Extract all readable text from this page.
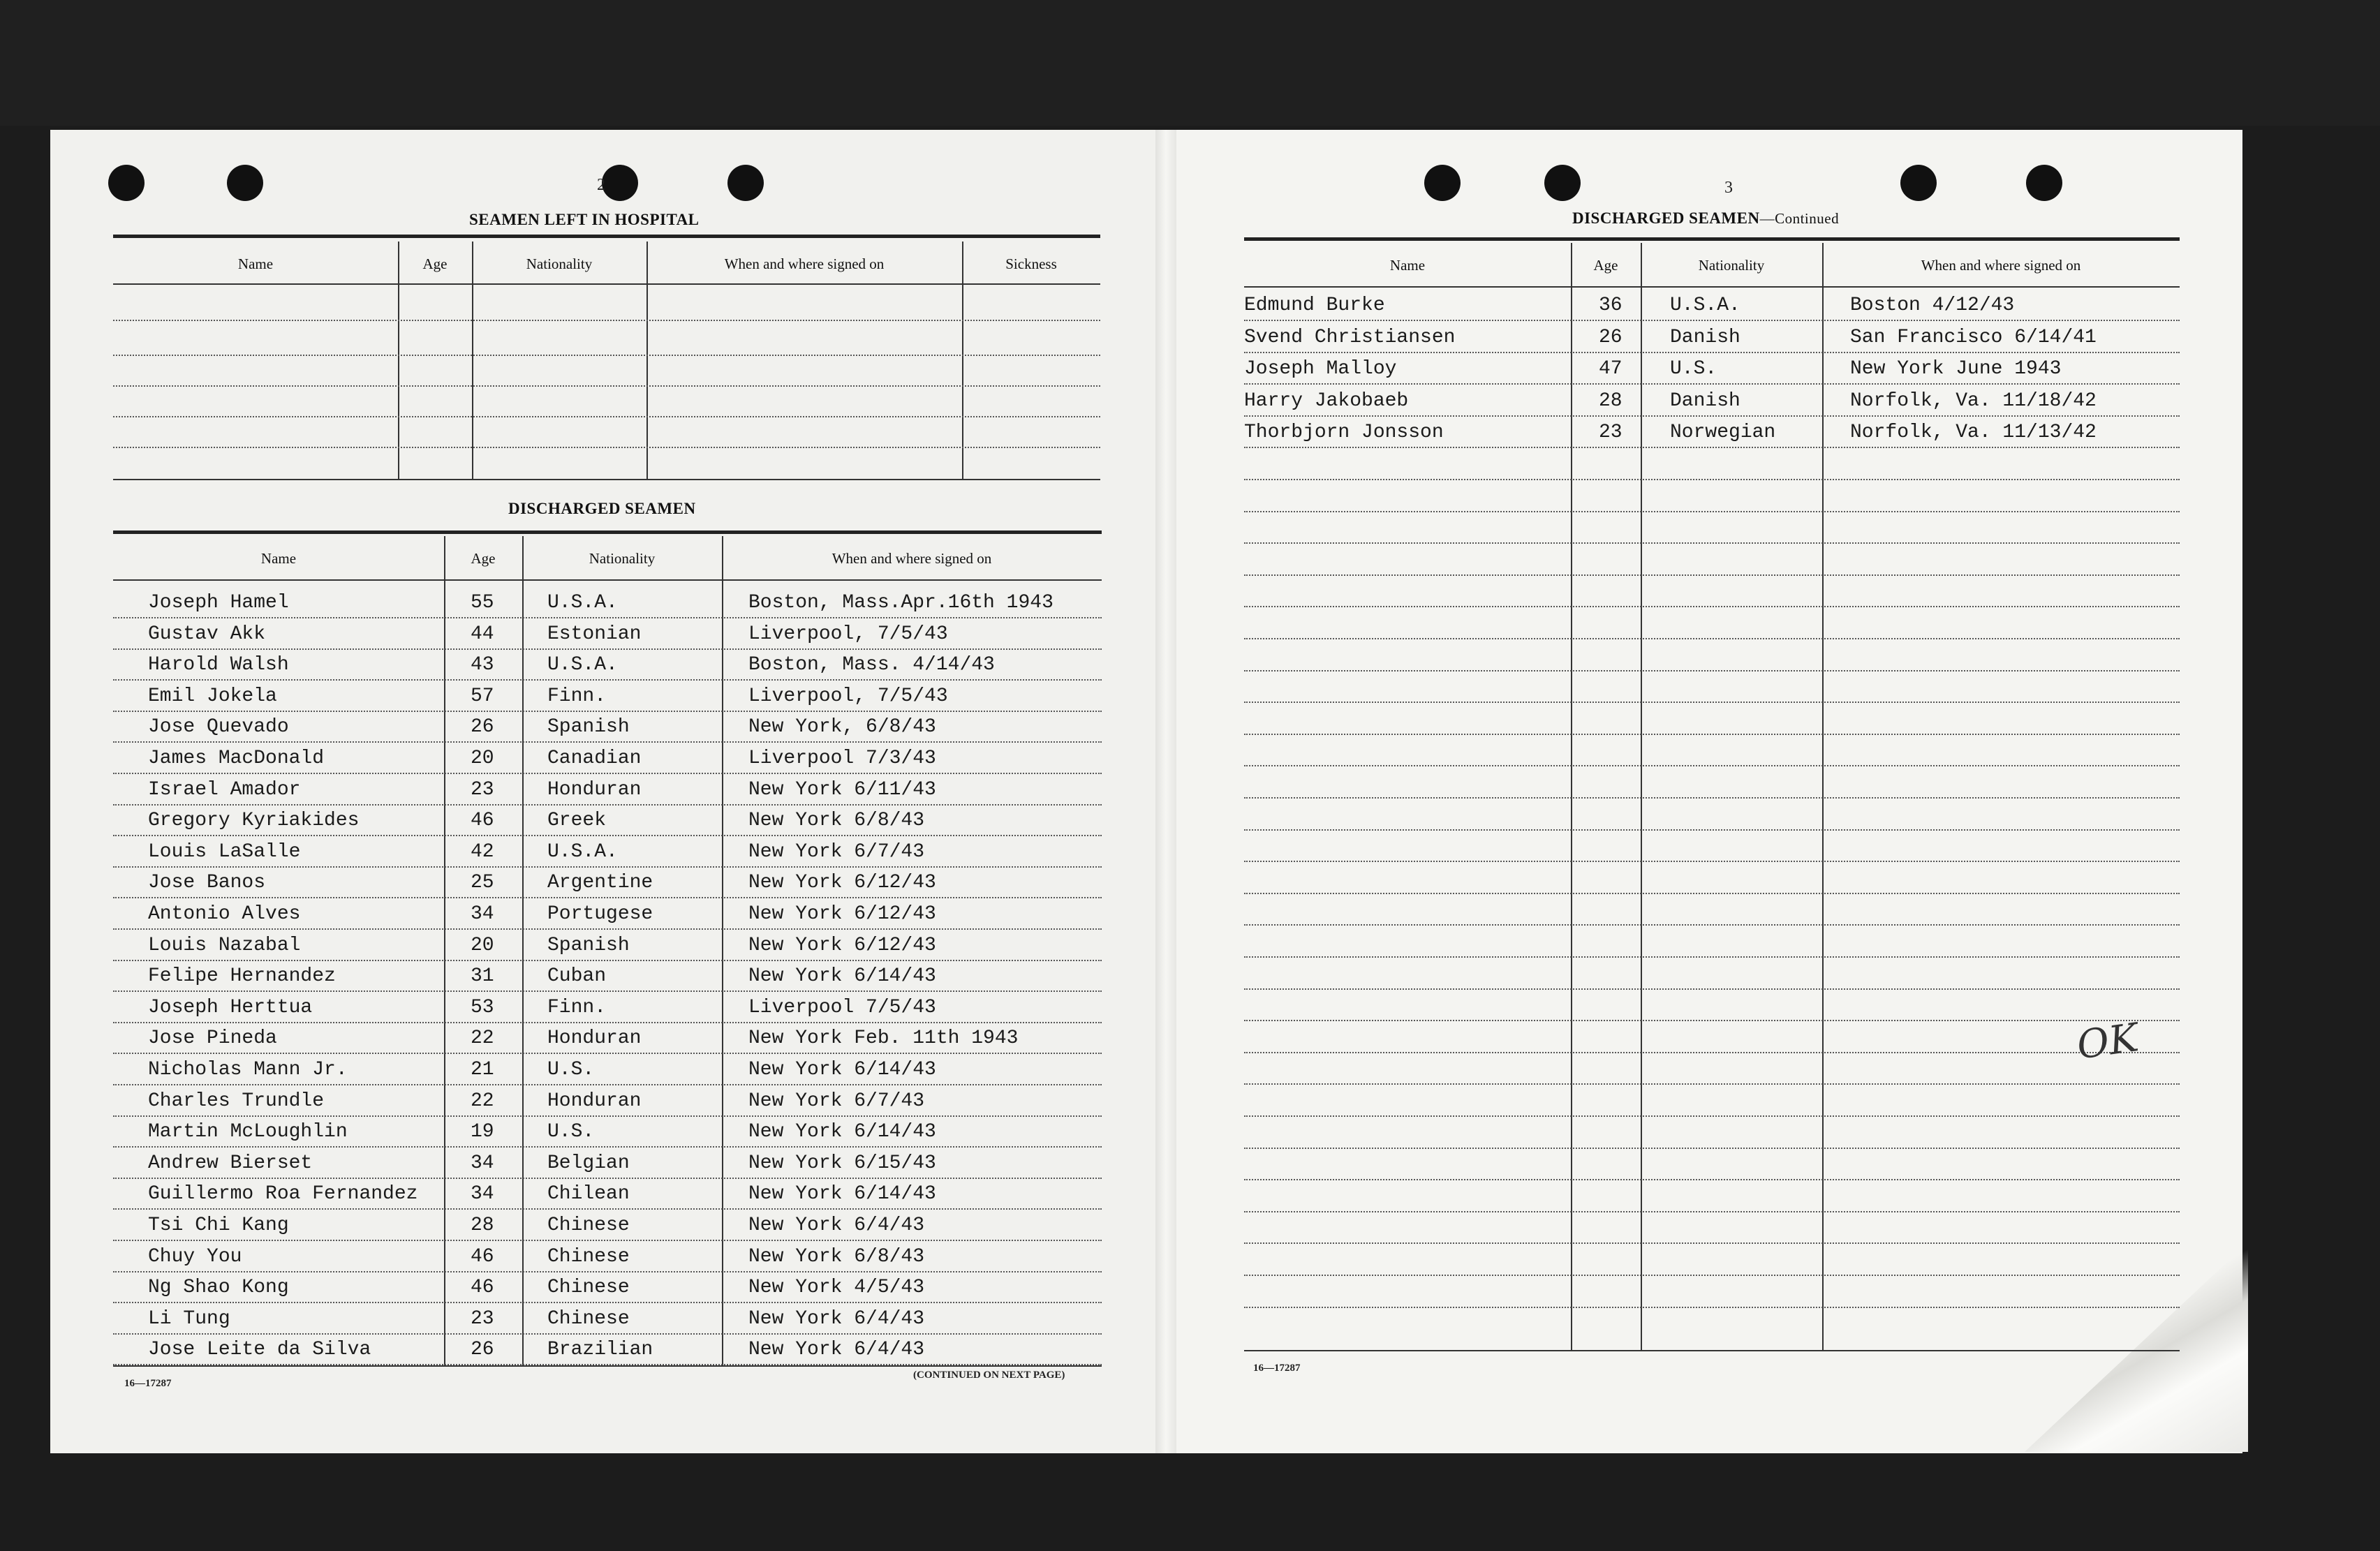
2
SEAMEN LEFT IN HOSPITAL
Name	Age	Nationality	When and where signed on	Sickness
DISCHARGED SEAMEN
Name	Age	Nationality	When and where signed on
Joseph Hamel	55	U.S.A.	Boston, Mass.Apr.16th 1943
Gustav Akk	44	Estonian	Liverpool, 7/5/43
Harold Walsh	43	U.S.A.	Boston, Mass. 4/14/43
Emil Jokela	57	Finn.	Liverpool, 7/5/43
Jose Quevado	26	Spanish	New York, 6/8/43
James MacDonald	20	Canadian	Liverpool 7/3/43
Israel Amador	23	Honduran	New York 6/11/43
Gregory Kyriakides	46	Greek	New York 6/8/43
Louis LaSalle	42	U.S.A.	New York 6/7/43
Jose Banos	25	Argentine	New York 6/12/43
Antonio Alves	34	Portugese	New York 6/12/43
Louis Nazabal	20	Spanish	New York 6/12/43
Felipe Hernandez	31	Cuban	New York 6/14/43
Joseph Herttua	53	Finn.	Liverpool 7/5/43
Jose Pineda	22	Honduran	New York Feb. 11th 1943
Nicholas Mann Jr.	21	U.S.	New York 6/14/43
Charles Trundle	22	Honduran	New York 6/7/43
Martin McLoughlin	19	U.S.	New York 6/14/43
Andrew Bierset	34	Belgian	New York 6/15/43
Guillermo Roa Fernandez	34	Chilean	New York 6/14/43
Tsi Chi Kang	28	Chinese	New York 6/4/43
Chuy You	46	Chinese	New York 6/8/43
Ng Shao Kong	46	Chinese	New York 4/5/43
Li Tung	23	Chinese	New York 6/4/43
Jose Leite da Silva	26	Brazilian	New York 6/4/43
16—17287
(CONTINUED ON NEXT PAGE)
3
DISCHARGED SEAMEN—Continued
Name	Age	Nationality	When and where signed on
Edmund Burke	36 U.S.A.	Boston 4/12/43
Svend Christiansen	26 Danish	San Francisco 6/14/41
Joseph Malloy	47 U.S.	New York June 1943
Harry Jakobaeb	28 Danish	Norfolk, Va. 11/18/42
Thorbjorn Jonsson	23 Norwegian	Norfolk, Va. 11/13/42
16—17287
OK
